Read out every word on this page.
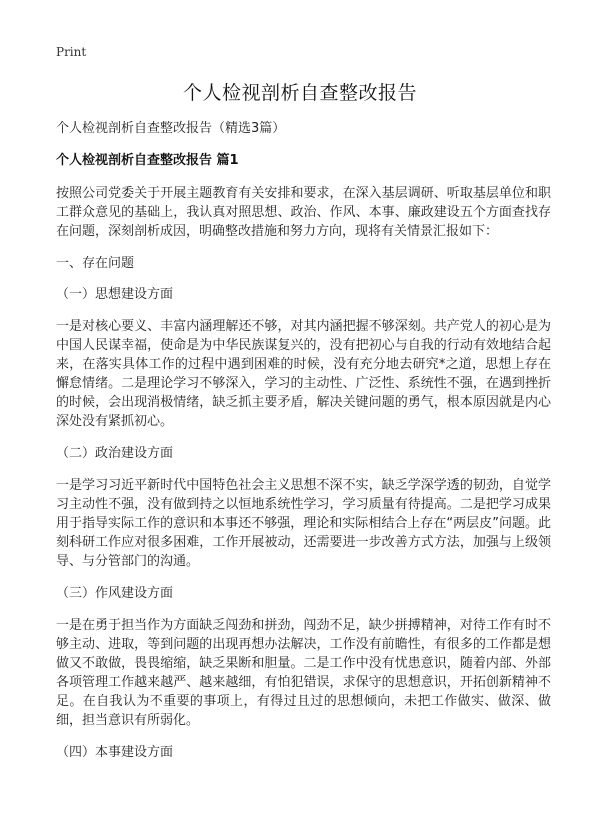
Print
个人检视剖析自查整改报告

个人检视剖析自查整改报告（精选3篇）

个人检视剖析自查整改报告 篇1

按照公司党委关于开展主题教育有关安排和要求，在深入基层调研、听取基层单位和职工群众意见的基础上，我认真对照思想、政治、作风、本事、廉政建设五个方面查找存在问题，深刻剖析成因，明确整改措施和努力方向，现将有关情景汇报如下：

一、存在问题

（一）思想建设方面

一是对核心要义、丰富内涵理解还不够，对其内涵把握不够深刻。共产党人的初心是为中国人民谋幸福，使命是为中华民族谋复兴的，没有把初心与自我的行动有效地结合起来，在落实具体工作的过程中遇到困难的时候，没有充分地去研究*之道，思想上存在懈怠情绪。二是理论学习不够深入，学习的主动性、广泛性、系统性不强，在遇到挫折的时候，会出现消极情绪，缺乏抓主要矛盾，解决关键问题的勇气，根本原因就是内心深处没有紧抓初心。

（二）政治建设方面

一是学习习近平新时代中国特色社会主义思想不深不实，缺乏学深学透的韧劲，自觉学习主动性不强，没有做到持之以恒地系统性学习，学习质量有待提高。二是把学习成果用于指导实际工作的意识和本事还不够强，理论和实际相结合上存在“两层皮”问题。此刻科研工作应对很多困难，工作开展被动，还需要进一步改善方式方法，加强与上级领导、与分管部门的沟通。

（三）作风建设方面

一是在勇于担当作为方面缺乏闯劲和拼劲，闯劲不足，缺少拼搏精神，对待工作有时不够主动、进取，等到问题的出现再想办法解决，工作没有前瞻性，有很多的工作都是想做又不敢做，畏畏缩缩，缺乏果断和胆量。二是工作中没有忧患意识，随着内部、外部各项管理工作越来越严、越来越细，有怕犯错误，求保守的思想意识，开拓创新精神不足。在自我认为不重要的事项上，有得过且过的思想倾向，未把工作做实、做深、做细，担当意识有所弱化。

（四）本事建设方面
